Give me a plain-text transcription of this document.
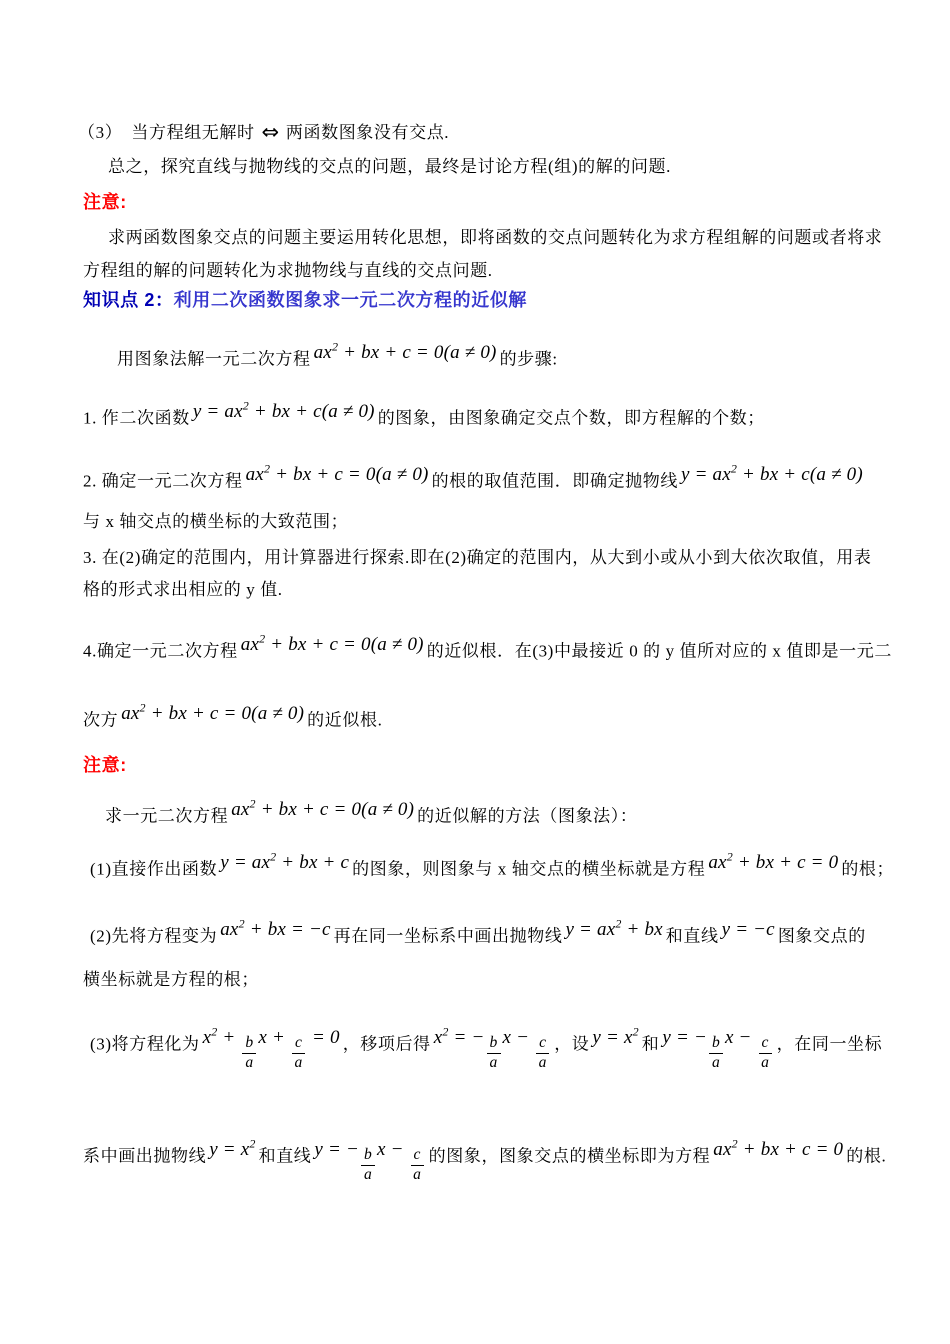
（3）　当方程组无解时 ⇔ 两函数图象没有交点.
总之，探究直线与抛物线的交点的问题，最终是讨论方程(组)的解的问题.
注意:
求两函数图象交点的问题主要运用转化思想，即将函数的交点问题转化为求方程组解的问题或者将求
方程组的解的问题转化为求抛物线与直线的交点问题.
知识点 2：利用二次函数图象求一元二次方程的近似解
用图象法解一元二次方程 $ax^2$ + bx + c = 0(a ≠ 0) 的步骤:
1. 作二次函数 $y = ax^2$ + bx + c(a ≠ 0) 的图象，由图象确定交点个数，即方程解的个数；
2. 确定一元二次方程 $ax^2$ + bx + c = 0(a ≠ 0) 的根的取值范围．即确定抛物线 $y = ax^2$ + bx + c(a ≠ 0)
与 x 轴交点的横坐标的大致范围；
3. 在(2)确定的范围内，用计算器进行探索.即在(2)确定的范围内，从大到小或从小到大依次取值，用表
格的形式求出相应的 y 值.
4.确定一元二次方程 $ax^2$ + bx + c = 0(a ≠ 0) 的近似根．在(3)中最接近 0 的 y 值所对应的 x 值即是一元二
次方 $ax^2$ + bx + c = 0(a ≠ 0) 的近似根.
注意:
求一元二次方程 $ax^2$ + bx + c = 0(a ≠ 0) 的近似解的方法（图象法）：
(1)直接作出函数 $y = ax^2$ + bx + c 的图象，则图象与 x 轴交点的横坐标就是方程 $ax^2$ + bx + c = 0 的根；
(2)先将方程变为 $ax^2$ + bx = −c 再在同一坐标系中画出抛物线 $y = ax^2$ + bx 和直线 y = −c 图象交点的
横坐标就是方程的根；
(3)将方程化为 $x^2$ +
$\frac{b}{a}$
x +
$\frac{c}{a}$
= 0 ，移项后得 $x^2$ = −
$\frac{b}{a}$
x −
$\frac{c}{a}$ ，设 $y = x^2$和 y = −
$\frac{b}{a}$
x −
$\frac{c}{a}$ ，在同一坐标
系中画出抛物线 $y = x^2$和直线 y = −
$\frac{b}{a}$
x −
$\frac{c}{a}$ 的图象，图象交点的横坐标即为方程 $ax^2$ + bx + c = 0 的根.
